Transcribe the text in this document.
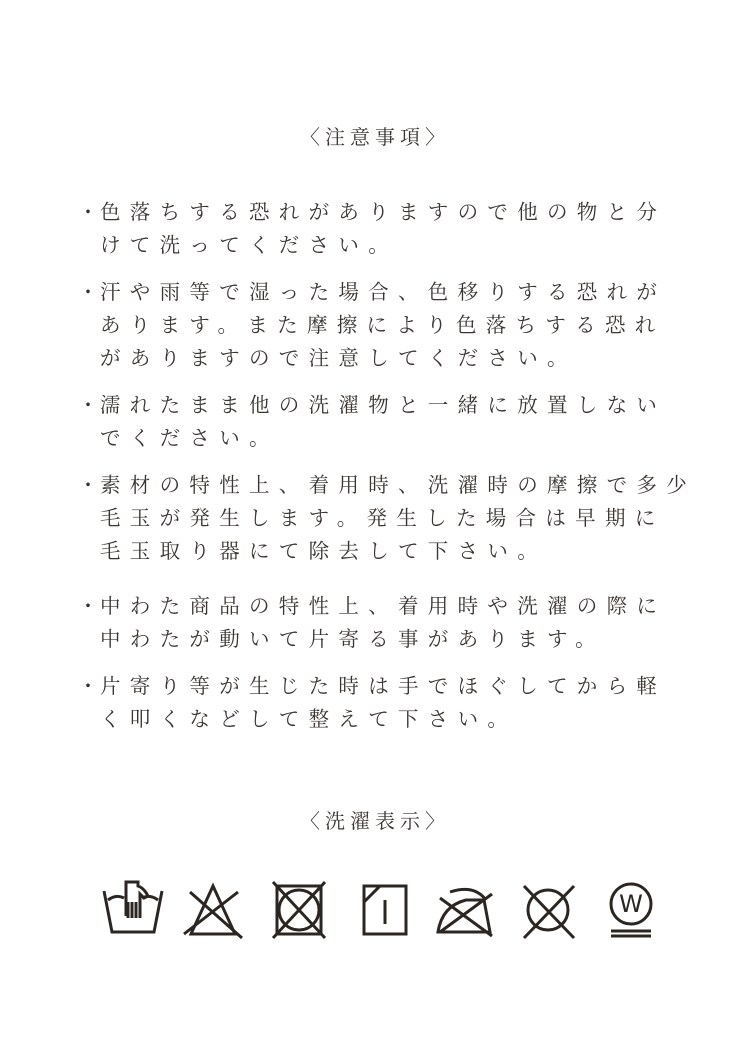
〈注意事項〉
・ 色落ちする恐れがありますので他の物と分
けて洗ってください。
・ 汗や雨等で湿った場合、色移りする恐れが
あります。また摩擦により色落ちする恐れ
がありますので注意してください。
・ 濡れたまま他の洗濯物と一緒に放置しない
でください。
・ 素材の特性上、着用時、洗濯時の摩擦で多少
毛玉が発生します。発生した場合は早期に
毛玉取り器にて除去して下さい。
・ 中わた商品の特性上、着用時や洗濯の際に
中わたが動いて片寄る事があります。
・ 片寄り等が生じた時は手でほぐしてから軽
く叩くなどして整えて下さい。
〈洗濯表示〉
W
